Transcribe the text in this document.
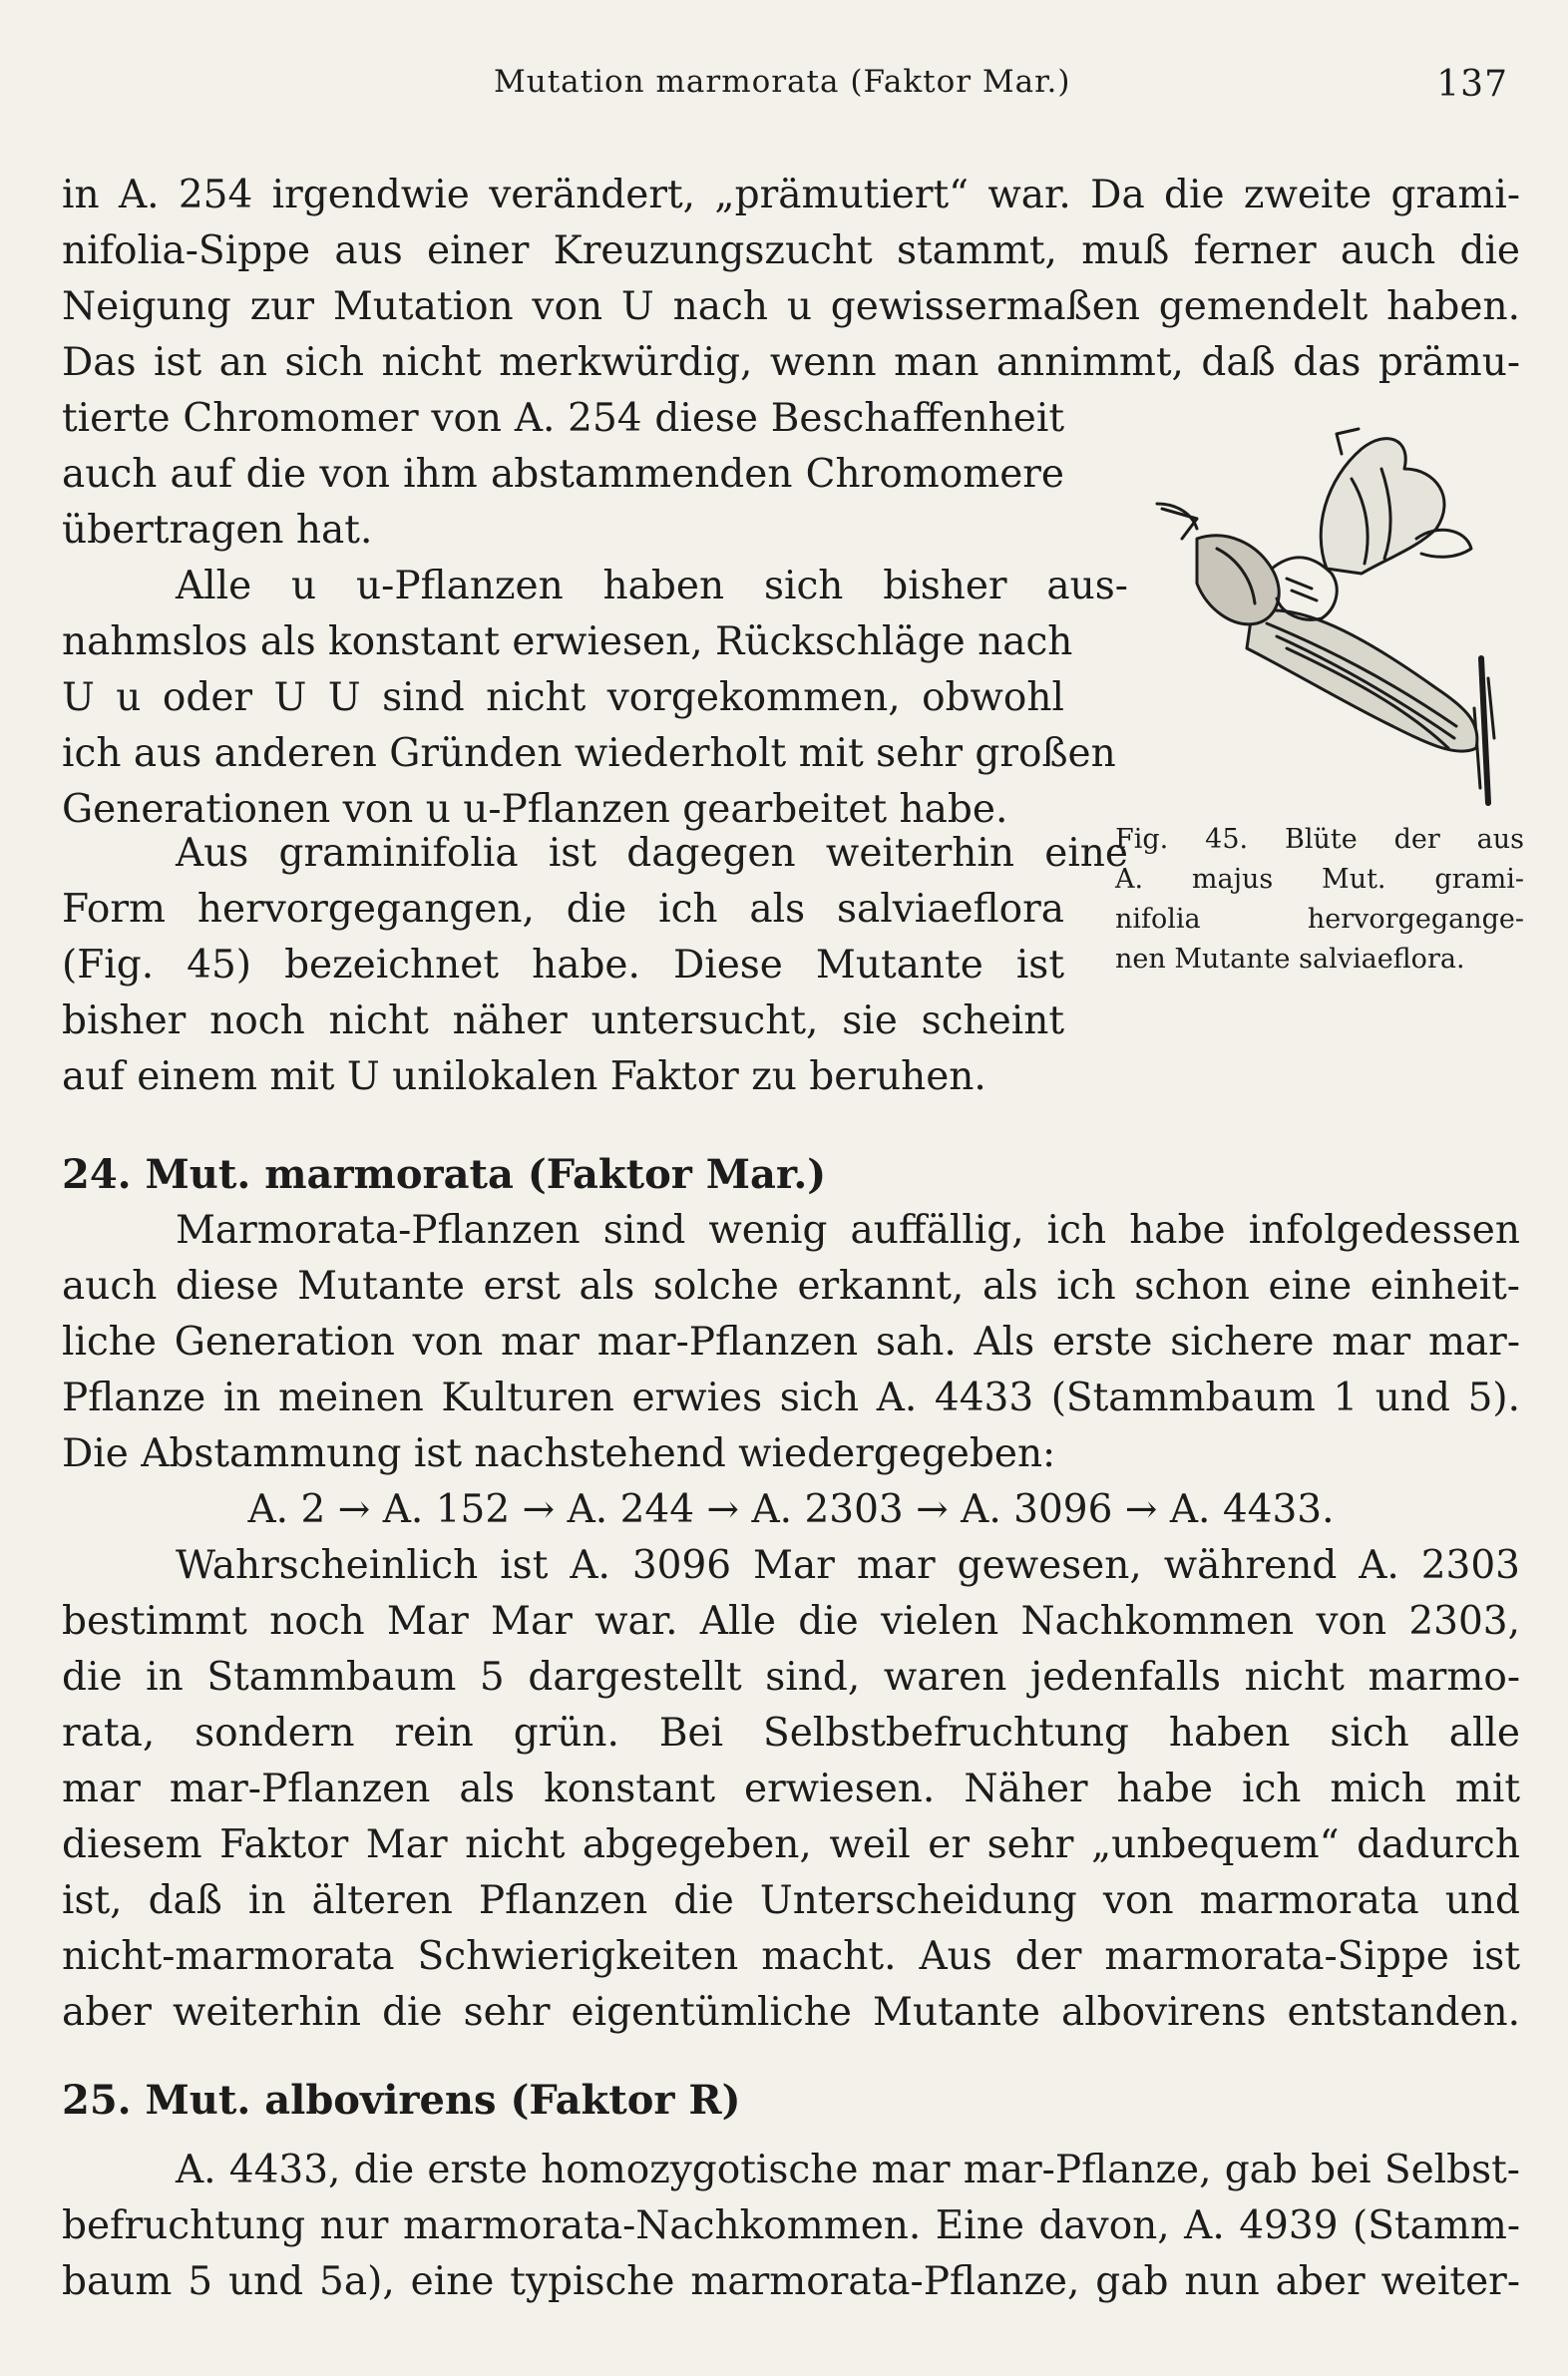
Mutation marmorata (Faktor Mar.)	137
in A. 254 irgendwie verändert, „prämutiert“ war. Da die zweite grami-
nifolia-Sippe aus einer Kreuzungszucht stammt, muß ferner auch die
Neigung zur Mutation von U nach u gewissermaßen gemendelt haben.
Das ist an sich nicht merkwürdig, wenn man annimmt, daß das prämu-
tierte Chromomer von A. 254 diese Beschaffenheit
auch auf die von ihm abstammenden Chromomere
übertragen hat.
Alle u u-Pflanzen haben sich bisher aus-
nahmslos als konstant erwiesen, Rückschläge nach
U u oder U U sind nicht vorgekommen, obwohl
ich aus anderen Gründen wiederholt mit sehr großen
Generationen von u u-Pflanzen gearbeitet habe.
Aus graminifolia ist dagegen weiterhin eine
Form hervorgegangen, die ich als salviaeflora
(Fig. 45) bezeichnet habe. Diese Mutante ist
bisher noch nicht näher untersucht, sie scheint
auf einem mit U unilokalen Faktor zu beruhen.
Fig. 45. Blüte der aus
A. majus Mut. grami-
nifolia hervorgegange-
nen Mutante salviaeflora.
24. Mut. marmorata (Faktor Mar.)
Marmorata-Pflanzen sind wenig auffällig, ich habe infolgedessen
auch diese Mutante erst als solche erkannt, als ich schon eine einheit-
liche Generation von mar mar-Pflanzen sah. Als erste sichere mar mar-
Pflanze in meinen Kulturen erwies sich A. 4433 (Stammbaum 1 und 5).
Die Abstammung ist nachstehend wiedergegeben:
A. 2 → A. 152 → A. 244 → A. 2303 → A. 3096 → A. 4433.
Wahrscheinlich ist A. 3096 Mar mar gewesen, während A. 2303
bestimmt noch Mar Mar war. Alle die vielen Nachkommen von 2303,
die in Stammbaum 5 dargestellt sind, waren jedenfalls nicht marmo-
rata, sondern rein grün. Bei Selbstbefruchtung haben sich alle
mar mar-Pflanzen als konstant erwiesen. Näher habe ich mich mit
diesem Faktor Mar nicht abgegeben, weil er sehr „unbequem“ dadurch
ist, daß in älteren Pflanzen die Unterscheidung von marmorata und
nicht-marmorata Schwierigkeiten macht. Aus der marmorata-Sippe ist
aber weiterhin die sehr eigentümliche Mutante albovirens entstanden.
25. Mut. albovirens (Faktor R)
A. 4433, die erste homozygotische mar mar-Pflanze, gab bei Selbst-
befruchtung nur marmorata-Nachkommen. Eine davon, A. 4939 (Stamm-
baum 5 und 5a), eine typische marmorata-Pflanze, gab nun aber weiter-
